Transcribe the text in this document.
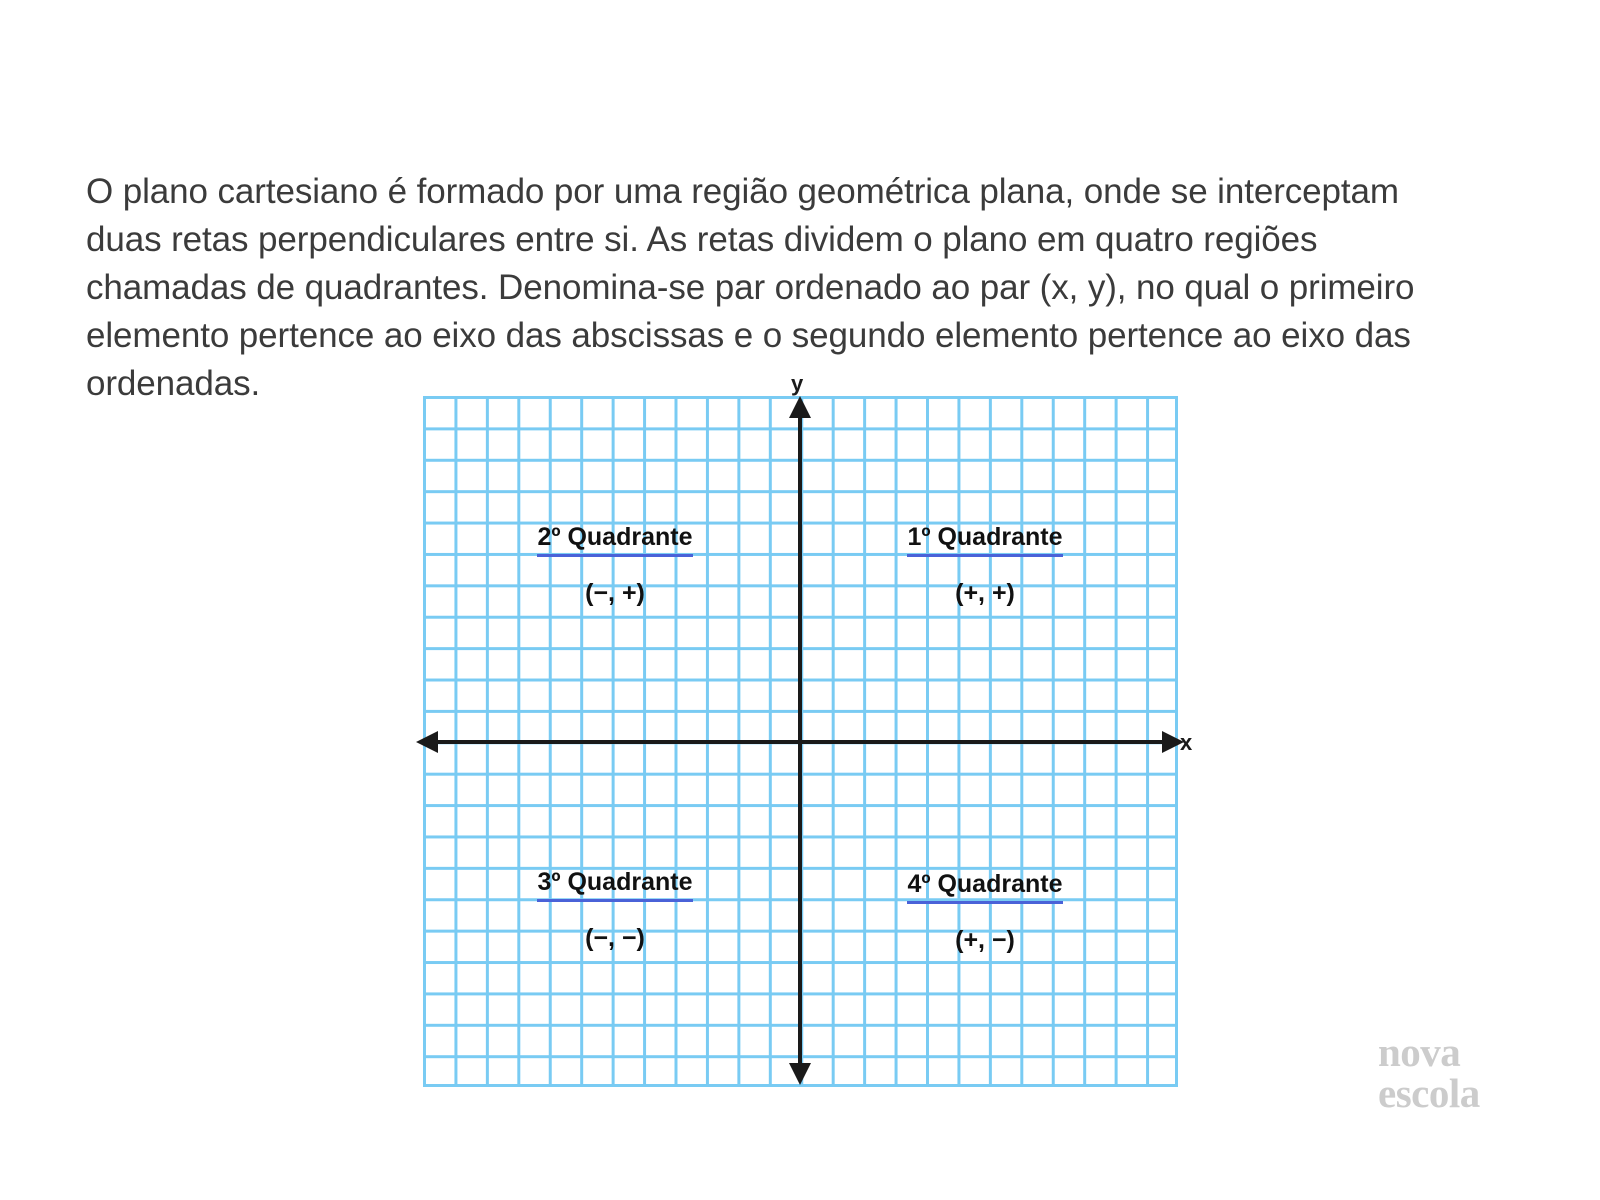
O plano cartesiano é formado por uma região geométrica plana, onde se interceptam duas retas perpendiculares entre si. As retas dividem o plano em quatro regiões chamadas de quadrantes. Denomina-se par ordenado ao par (x, y), no qual o primeiro elemento pertence ao eixo das abscissas e o segundo elemento pertence ao eixo das ordenadas.	y
x
2º Quadrante
(−, +)
1º Quadrante
(+, +)
3º Quadrante
(−, −)
4º Quadrante
(+, −)
nova
escola
